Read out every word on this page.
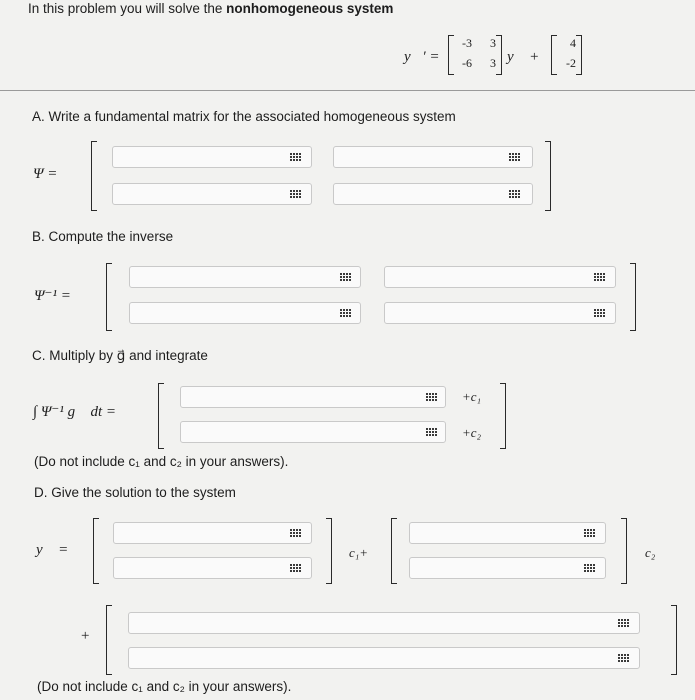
In this problem you will solve the nonhomogeneous system
y⃗′ =
-3	3
-6	3 y⃗ +
4
-2
A. Write a fundamental matrix for the associated homogeneous system
Ψ =
B. Compute the inverse
Ψ⁻¹ =
C. Multiply by g⃗ and integrate
∫ Ψ⁻¹ g⃗ dt =
+c₁
+c₂
(Do not include c₁ and c₂ in your answers).
D. Give the solution to the system
y⃗ =	c₁+	c₂
+
(Do not include c₁ and c₂ in your answers).
